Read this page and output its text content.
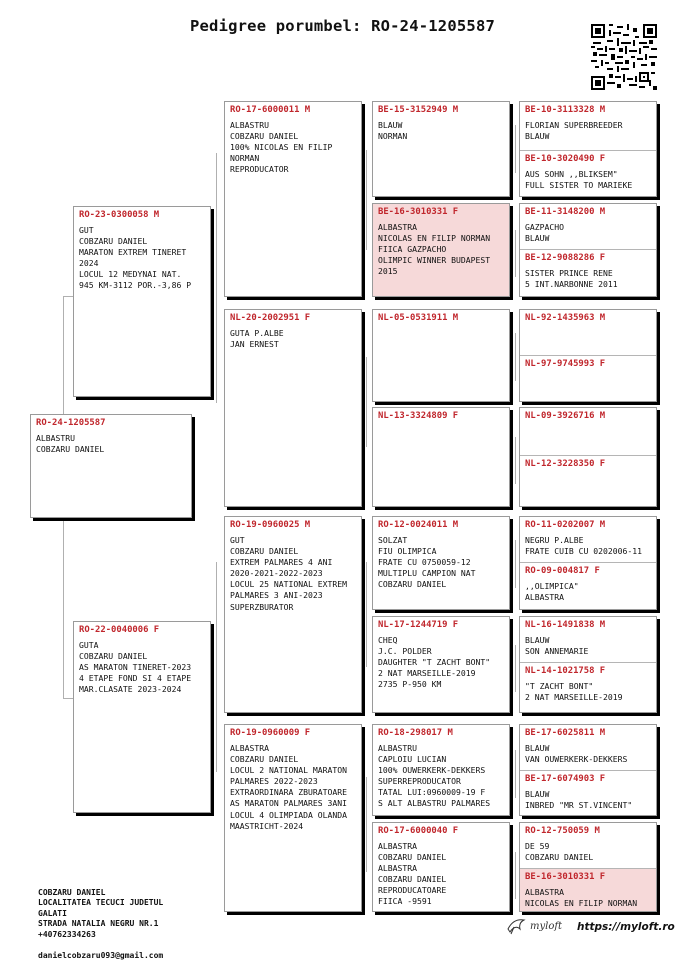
Pedigree porumbel: RO-24-1205587
RO-24-1205587
ALBASTRU
COBZARU DANIEL
RO-23-0300058 M
GUT
COBZARU DANIEL
MARATON EXTREM TINERET
2024
LOCUL 12 MEDYNAI NAT.
945 KM-3112 POR.-3,86 P
RO-22-0040006 F
GUTA
COBZARU DANIEL
AS MARATON TINERET-2023
4 ETAPE FOND SI 4 ETAPE
MAR.CLASATE 2023-2024
RO-17-6000011 M
ALBASTRU
COBZARU DANIEL
100% NICOLAS EN FILIP
NORMAN
REPRODUCATOR
NL-20-2002951 F
GUTA P.ALBE
JAN ERNEST
RO-19-0960025 M
GUT
COBZARU DANIEL
EXTREM PALMARES 4 ANI
2020-2021-2022-2023
LOCUL 25 NATIONAL EXTREM
PALMARES 3 ANI-2023
SUPERZBURATOR
RO-19-0960009 F
ALBASTRA
COBZARU DANIEL
LOCUL 2 NATIONAL MARATON
PALMARES 2022-2023
EXTRAORDINARA ZBURATOARE
AS MARATON PALMARES 3ANI
LOCUL 4 OLIMPIADA OLANDA
MAASTRICHT-2024
BE-15-3152949 M
BLAUW
NORMAN
BE-16-3010331 F
ALBASTRA
NICOLAS EN FILIP NORMAN
FIICA GAZPACHO
OLIMPIC WINNER BUDAPEST
2015
NL-05-0531911 M
NL-13-3324809 F
RO-12-0024011 M
SOLZAT
FIU OLIMPICA
FRATE CU 0750059-12
MULTIPLU CAMPION NAT
COBZARU DANIEL
NL-17-1244719 F
CHEQ
J.C. POLDER
DAUGHTER "T ZACHT BONT"
2 NAT MARSEILLE-2019
2735 P-950 KM
RO-18-298017 M
ALBASTRU
CAPLOIU LUCIAN
100% OUWERKERK-DEKKERS
SUPERREPRODUCATOR
TATAL LUI:0960009-19 F
S ALT ALBASTRU PALMARES
RO-17-6000040 F
ALBASTRA
COBZARU DANIEL
ALBASTRA
COBZARU DANIEL
REPRODUCATOARE
FIICA -9591
BE-10-3113328 M
FLORIAN SUPERBREEDER
BLAUW
BE-10-3020490 F
AUS SOHN ,,BLIKSEM"
FULL SISTER TO MARIEKE
BE-11-3148200 M
GAZPACHO
BLAUW
BE-12-9088286 F
SISTER PRINCE RENE
5 INT.NARBONNE 2011
NL-92-1435963 M
NL-97-9745993 F
NL-09-3926716 M
NL-12-3228350 F
RO-11-0202007 M
NEGRU P.ALBE
FRATE CUIB CU 0202006-11
RO-09-004817 F
,,OLIMPICA"
ALBASTRA
NL-16-1491838 M
BLAUW
SON ANNEMARIE
NL-14-1021758 F
"T ZACHT BONT"
2 NAT MARSEILLE-2019
BE-17-6025811 M
BLAUW
VAN OUWERKERK-DEKKERS
BE-17-6074903 F
BLAUW
INBRED "MR ST.VINCENT"
RO-12-750059 M
DE 59
COBZARU DANIEL
BE-16-3010331 F
ALBASTRA
NICOLAS EN FILIP NORMAN

COBZARU DANIEL
LOCALITATEA TECUCI JUDETUL
GALATI
STRADA NATALIA NEGRU NR.1
+40762334263

danielcobzaru093@gmail.com

myloft https://myloft.ro
